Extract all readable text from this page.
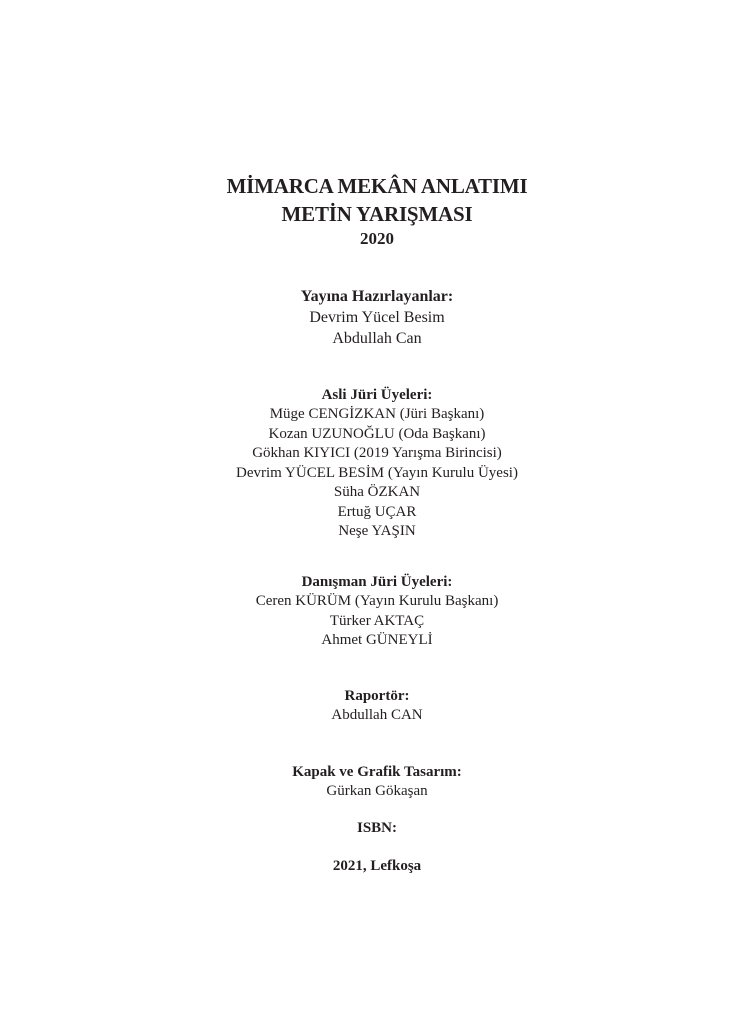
MİMARCA MEKÂN ANLATIMI
METİN YARIŞMASI
2020
Yayına Hazırlayanlar:
Devrim Yücel Besim
Abdullah Can
Asli Jüri Üyeleri:
Müge CENGİZKAN (Jüri Başkanı)
Kozan UZUNOĞLU (Oda Başkanı)
Gökhan KIYICI (2019 Yarışma Birincisi)
Devrim YÜCEL BESİM (Yayın Kurulu Üyesi)
Süha ÖZKAN
Ertuğ UÇAR
Neşe YAŞIN
Danışman Jüri Üyeleri:
Ceren KÜRÜM (Yayın Kurulu Başkanı)
Türker AKTAÇ
Ahmet GÜNEYLİ
Raportör:
Abdullah CAN
Kapak ve Grafik Tasarım:
Gürkan Gökaşan
ISBN:
2021, Lefkoşa
